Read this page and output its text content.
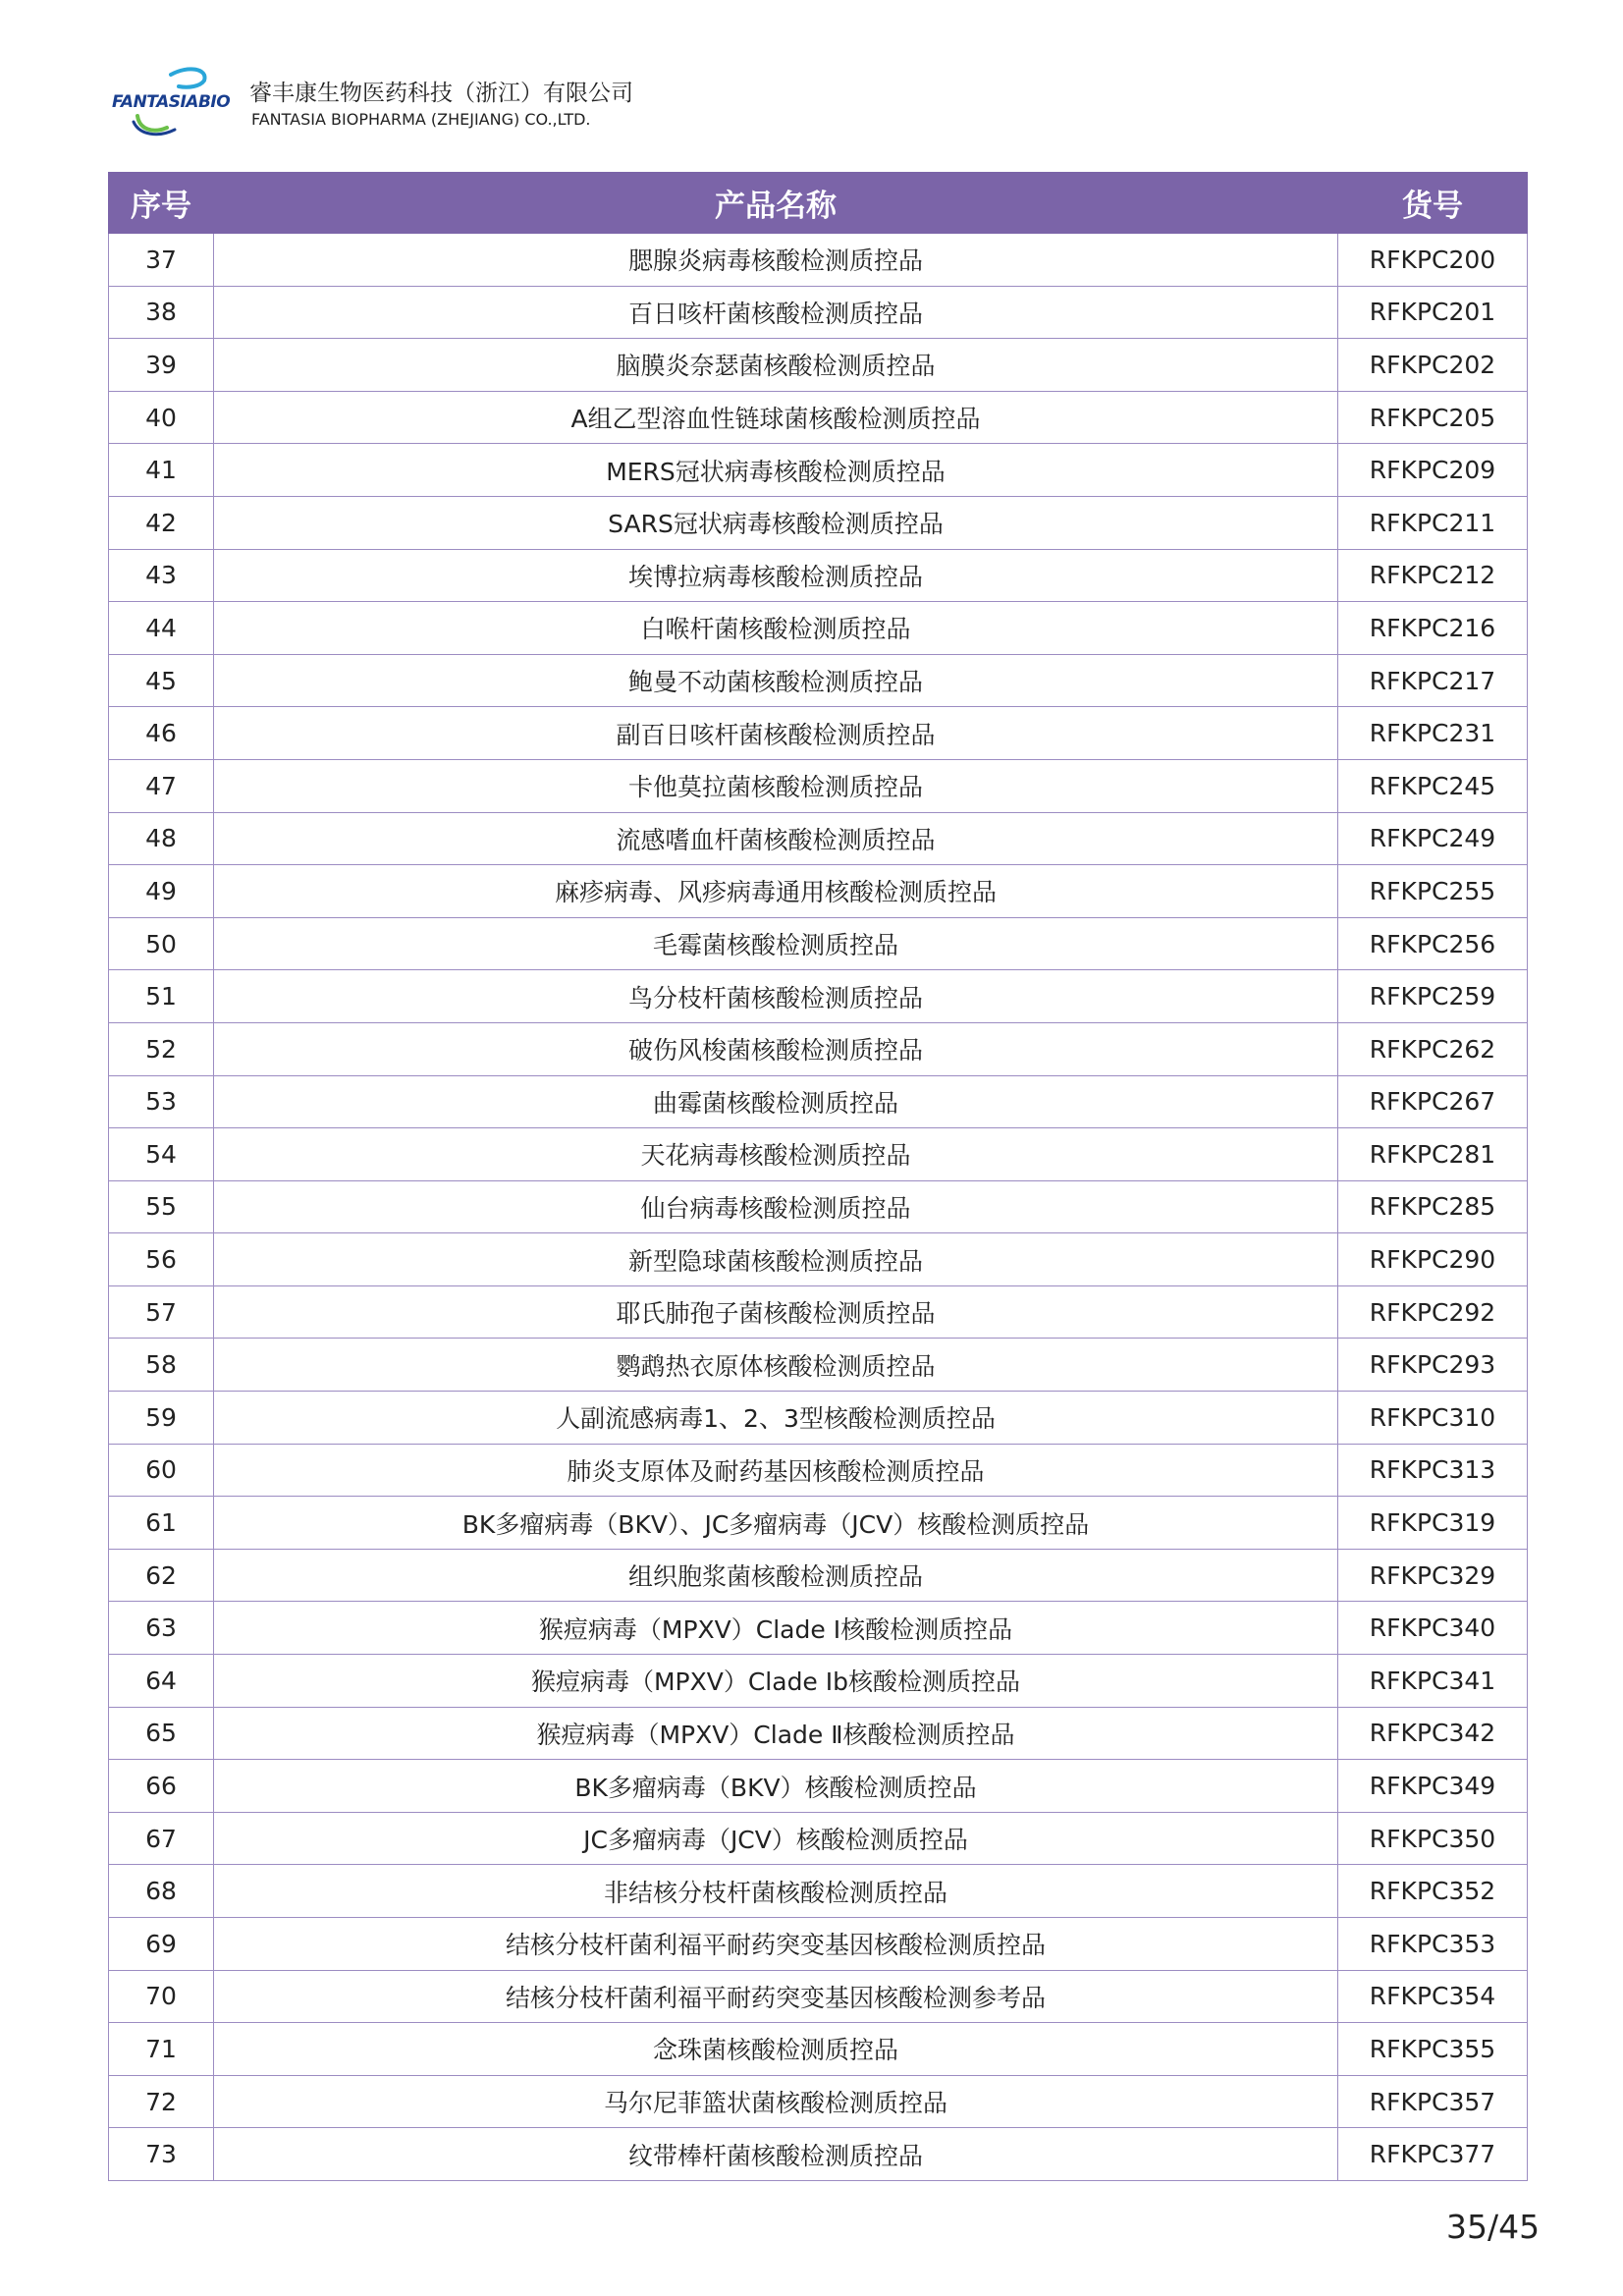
FANTASIABIO 睿丰康生物医药科技（浙江）有限公司
FANTASIA BIOPHARMA (ZHEJIANG) CO.,LTD.
序号	产品名称	货号
37	腮腺炎病毒核酸检测质控品	RFKPC200
38	百日咳杆菌核酸检测质控品	RFKPC201
39	脑膜炎奈瑟菌核酸检测质控品	RFKPC202
40	A组乙型溶血性链球菌核酸检测质控品	RFKPC205
41	MERS冠状病毒核酸检测质控品	RFKPC209
42	SARS冠状病毒核酸检测质控品	RFKPC211
43	埃博拉病毒核酸检测质控品	RFKPC212
44	白喉杆菌核酸检测质控品	RFKPC216
45	鲍曼不动菌核酸检测质控品	RFKPC217
46	副百日咳杆菌核酸检测质控品	RFKPC231
47	卡他莫拉菌核酸检测质控品	RFKPC245
48	流感嗜血杆菌核酸检测质控品	RFKPC249
49	麻疹病毒、风疹病毒通用核酸检测质控品	RFKPC255
50	毛霉菌核酸检测质控品	RFKPC256
51	鸟分枝杆菌核酸检测质控品	RFKPC259
52	破伤风梭菌核酸检测质控品	RFKPC262
53	曲霉菌核酸检测质控品	RFKPC267
54	天花病毒核酸检测质控品	RFKPC281
55	仙台病毒核酸检测质控品	RFKPC285
56	新型隐球菌核酸检测质控品	RFKPC290
57	耶氏肺孢子菌核酸检测质控品	RFKPC292
58	鹦鹉热衣原体核酸检测质控品	RFKPC293
59	人副流感病毒1、2、3型核酸检测质控品	RFKPC310
60	肺炎支原体及耐药基因核酸检测质控品	RFKPC313
61	BK多瘤病毒（BKV）、JC多瘤病毒（JCV）核酸检测质控品	RFKPC319
62	组织胞浆菌核酸检测质控品	RFKPC329
63	猴痘病毒（MPXV）Clade Ⅰ核酸检测质控品	RFKPC340
64	猴痘病毒（MPXV）Clade Ⅰb核酸检测质控品	RFKPC341
65	猴痘病毒（MPXV）Clade Ⅱ核酸检测质控品	RFKPC342
66	BK多瘤病毒（BKV）核酸检测质控品	RFKPC349
67	JC多瘤病毒（JCV）核酸检测质控品	RFKPC350
68	非结核分枝杆菌核酸检测质控品	RFKPC352
69	结核分枝杆菌利福平耐药突变基因核酸检测质控品	RFKPC353
70	结核分枝杆菌利福平耐药突变基因核酸检测参考品	RFKPC354
71	念珠菌核酸检测质控品	RFKPC355
72	马尔尼菲篮状菌核酸检测质控品	RFKPC357
73	纹带棒杆菌核酸检测质控品	RFKPC377
35/45
